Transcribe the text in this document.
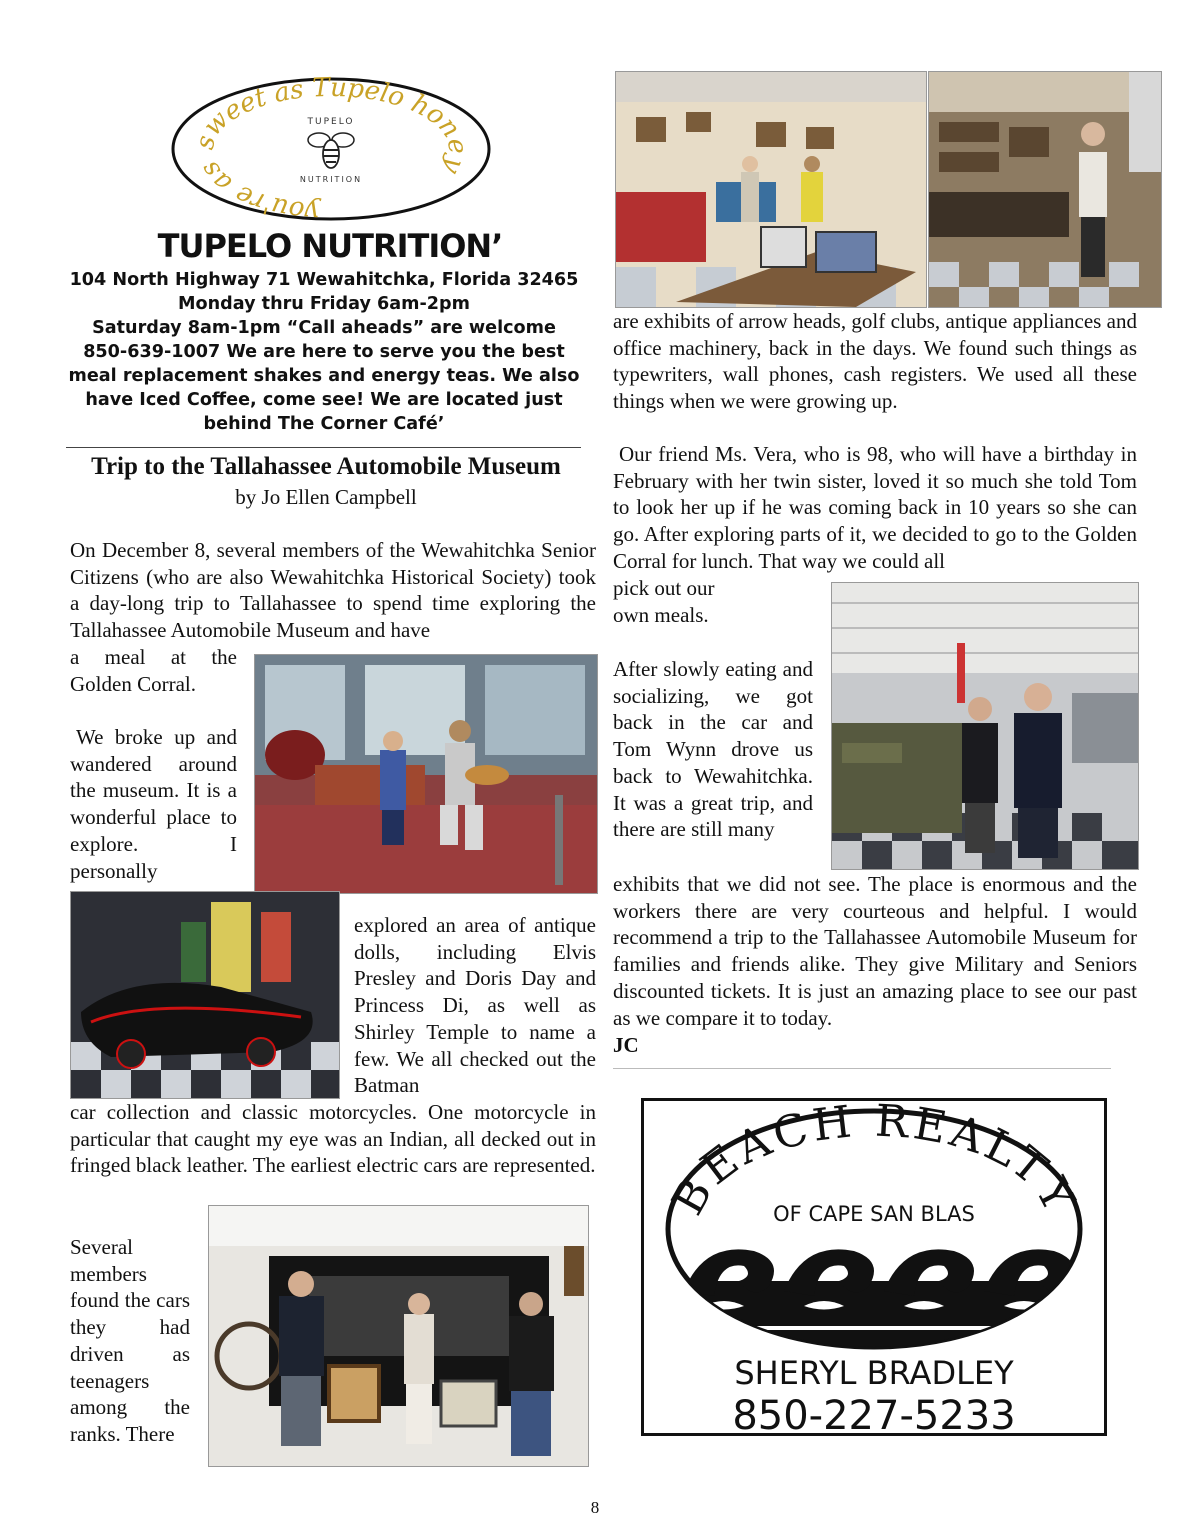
you're as sweet as Tupelo honey
TUPELO
NUTRITION
TUPELO NUTRITION’

104 North Highway 71 Wewahitchka, Florida 32465

Monday thru Friday 6am-2pm

Saturday 8am-1pm “Call aheads” are welcome

850-639-1007 We are here to serve you the best

meal replacement shakes and energy teas. We also

have Iced Coffee, come see! We are located just

behind The Corner Café’

Trip to the Tallahassee Automobile Museum
by Jo Ellen Campbell

On December 8, several members of the Wewahitchka Senior Citizens (who are also Wewahitchka Historical Society) took a day-long trip to Tallahassee to spend time exploring the Tallahassee Automobile Museum and have

a meal at the Golden Corral.

We broke up and wandered around the museum. It is a wonderful place to explore. I personally

explored an area of antique dolls, including Elvis Presley and Doris Day and Princess Di, as well as Shirley Temple to name a few. We all checked out the Batman

car collection and classic motorcycles. One motorcycle in particular that caught my eye was an Indian, all decked out in fringed black leather. The earliest electric cars are represented.

Several members found the cars they had driven as teenagers among the ranks. There

are exhibits of arrow heads, golf clubs, antique appliances and office machinery, back in the days. We found such things as typewriters, wall phones, cash registers. We used all these things when we were growing up.

Our friend Ms. Vera, who is 98, who will have a birthday in February with her twin sister, loved it so much she told Tom to look her up if he was coming back in 10 years so she can go. After exploring parts of it, we decided to go to the Golden Corral for lunch. That way we could all

pick out our own meals.

After slowly eating and socializing, we got back in the car and Tom Wynn drove us back to Wewahitchka. It was a great trip, and there are still many

exhibits that we did not see. The place is enormous and the workers there are very courteous and helpful. I would recommend a trip to the Tallahassee Automobile Museum for families and friends alike. They give Military and Seniors discounted tickets. It is just an amazing place to see our past as we compare it to today.

JC
BEACH REALTY
OF CAPE SAN BLAS
SHERYL BRADLEY
850-227-5233
8
